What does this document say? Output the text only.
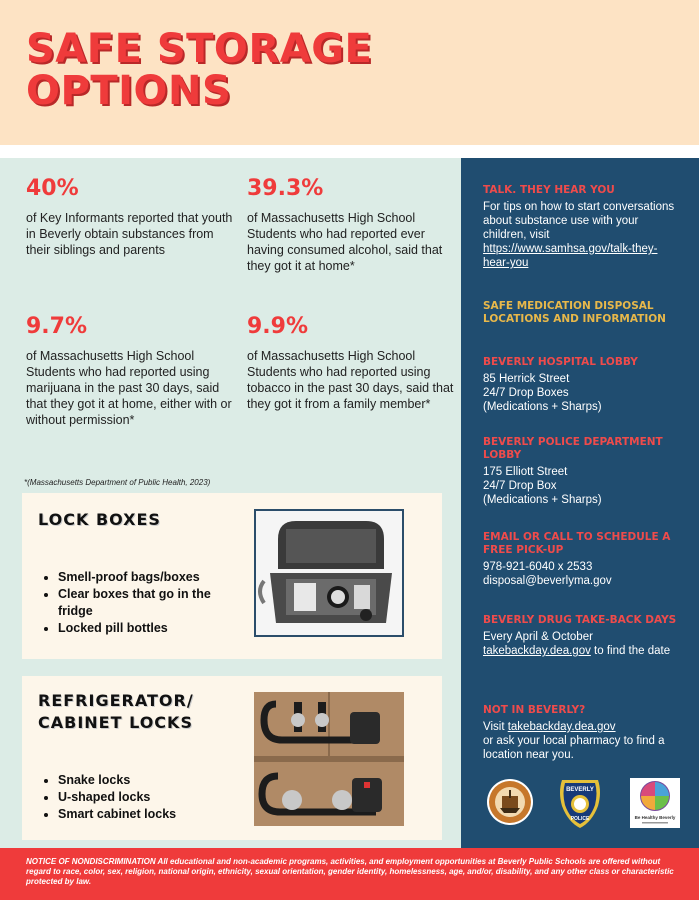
SAFE STORAGE OPTIONS
40%
of Key Informants reported that youth in Beverly obtain substances from their siblings and parents
39.3%
of Massachusetts High School Students who had reported ever having consumed alcohol, said that they got it at home*
9.7%
of Massachusetts High School Students who had reported using marijuana in the past 30 days, said that they got it at home, either with or without permission*
9.9%
of Massachusetts High School Students who had reported using tobacco in the past 30 days, said that they got it from a family member*
*(Massachusetts Department of Public Health, 2023)
LOCK BOXES
• Smell-proof bags/boxes
• Clear boxes that go in the fridge
• Locked pill bottles
REFRIGERATOR/ CABINET LOCKS
• Snake locks
• U-shaped locks
• Smart cabinet locks
TALK. THEY HEAR YOU
For tips on how to start conversations about substance use with your children, visit https://www.samhsa.gov/talk-they-hear-you
SAFE MEDICATION DISPOSAL LOCATIONS AND INFORMATION
BEVERLY HOSPITAL LOBBY
85 Herrick Street
24/7 Drop Boxes
(Medications + Sharps)
BEVERLY POLICE DEPARTMENT LOBBY
175 Elliott Street
24/7 Drop Box
(Medications + Sharps)
EMAIL OR CALL TO SCHEDULE A FREE PICK-UP
978-921-6040 x 2533
disposal@beverlyma.gov
BEVERLY DRUG TAKE-BACK DAYS
Every April & October
takebackday.dea.gov to find the date
NOT IN BEVERLY?
Visit takebackday.dea.gov
or ask your local pharmacy to find a location near you.
BEVERLY
POLICE	Be Healthy Beverly

NOTICE OF NONDISCRIMINATION All educational and non-academic programs, activities, and employment opportunities at Beverly Public Schools are offered without regard to race, color, sex, religion, national origin, ethnicity, sexual orientation, gender identity, homelessness, age, and/or, disability, and any other class or characteristic protected by law.
